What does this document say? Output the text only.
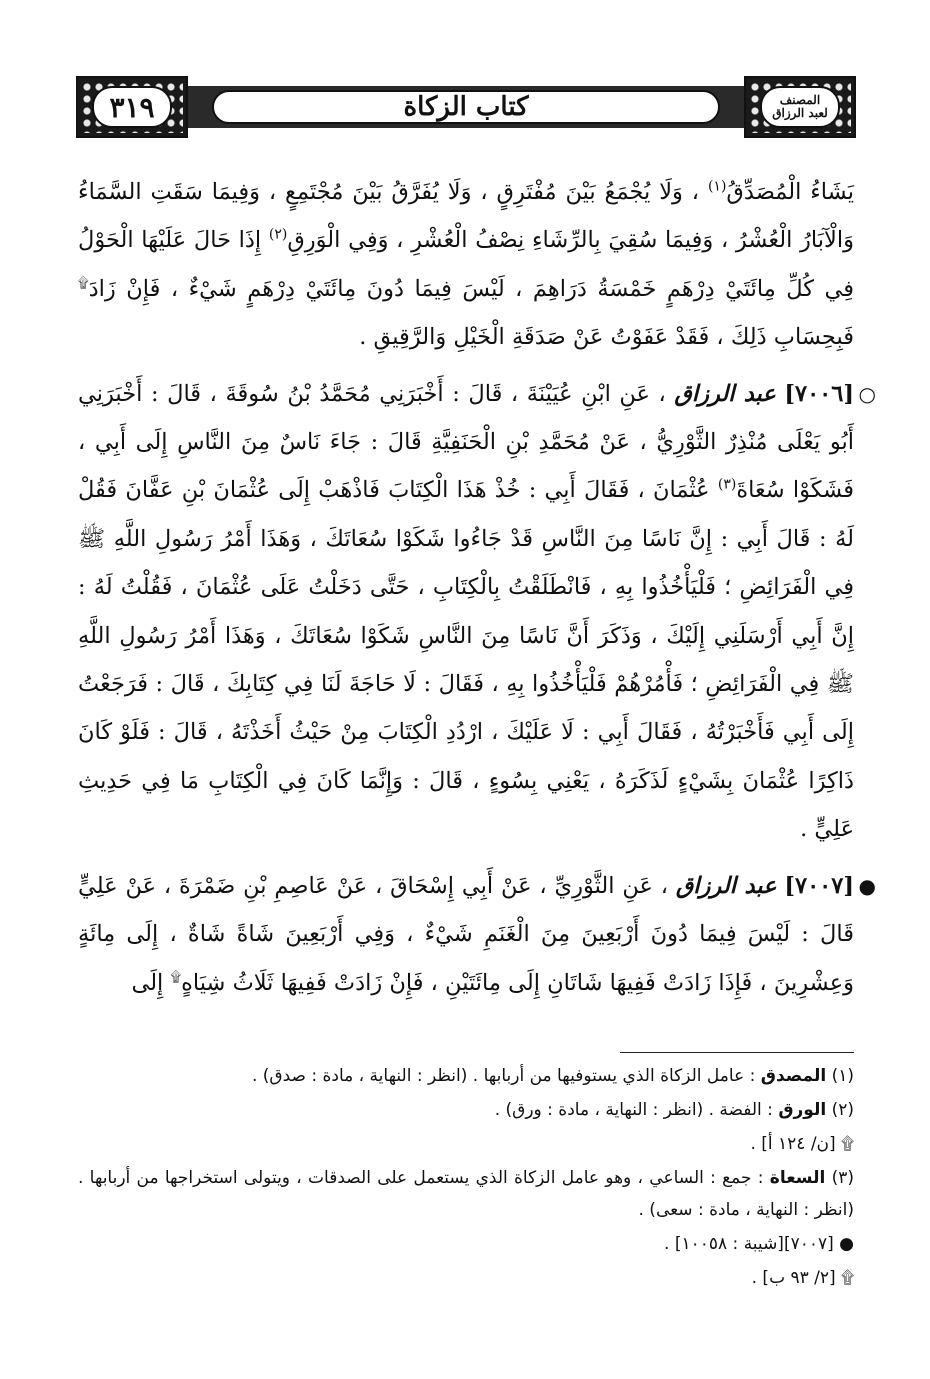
٣١٩	كتاب الزكاة	المصنف
لعبد الرزاق

يَشَاءُ الْمُصَدِّقُ$^{(١)}$ ، وَلَا يُجْمَعُ بَيْنَ مُفْتَرِقٍ ، وَلَا يُفَرَّقُ بَيْنَ مُجْتَمِعٍ ، وَفِيمَا سَقَتِ السَّمَاءُ وَالْآبَارُ الْعُشْرُ ، وَفِيمَا سُقِيَ بِالرِّشَاءِ نِصْفُ الْعُشْرِ ، وَفِي الْوَرِقِ$^{(٢)}$ إِذَا حَالَ عَلَيْهَا الْحَوْلُ فِي كُلِّ مِائَتَيْ دِرْهَمٍ خَمْسَةُ دَرَاهِمَ ، لَيْسَ فِيمَا دُونَ مِائَتَيْ دِرْهَمٍ شَيْءٌ ، فَإِنْ زَادَ۩ فَبِحِسَابِ ذَلِكَ ، فَقَدْ عَفَوْتُ عَنْ صَدَقَةِ الْخَيْلِ وَالرَّقِيقِ .

○
[٧٠٠٦] عبد الرزاق ، عَنِ ابْنِ عُيَيْنَةَ ، قَالَ : أَخْبَرَنِي مُحَمَّدُ بْنُ سُوقَةَ ، قَالَ : أَخْبَرَنِي أَبُو يَعْلَى مُنْذِرٌ الثَّوْرِيُّ ، عَنْ مُحَمَّدِ بْنِ الْحَنَفِيَّةِ قَالَ : جَاءَ نَاسٌ مِنَ النَّاسِ إِلَى أَبِي ، فَشَكَوْا سُعَاةَ$^{(٣)}$ عُثْمَانَ ، فَقَالَ أَبِي : خُذْ هَذَا الْكِتَابَ فَاذْهَبْ إِلَى عُثْمَانَ بْنِ عَفَّانَ فَقُلْ لَهُ : قَالَ أَبِي : إِنَّ نَاسًا مِنَ النَّاسِ قَدْ جَاءُوا شَكَوْا سُعَاتَكَ ، وَهَذَا أَمْرُ رَسُولِ اللَّهِ ﷺ فِي الْفَرَائِضِ ؛ فَلْيَأْخُذُوا بِهِ ، فَانْطَلَقْتُ بِالْكِتَابِ ، حَتَّى دَخَلْتُ عَلَى عُثْمَانَ ، فَقُلْتُ لَهُ : إِنَّ أَبِي أَرْسَلَنِي إِلَيْكَ ، وَذَكَرَ أَنَّ نَاسًا مِنَ النَّاسِ شَكَوْا سُعَاتَكَ ، وَهَذَا أَمْرُ رَسُولِ اللَّهِ ﷺ فِي الْفَرَائِضِ ؛ فَأْمُرْهُمْ فَلْيَأْخُذُوا بِهِ ، فَقَالَ : لَا حَاجَةَ لَنَا فِي كِتَابِكَ ، قَالَ : فَرَجَعْتُ إِلَى أَبِي فَأَخْبَرْتُهُ ، فَقَالَ أَبِي : لَا عَلَيْكَ ، ارْدُدِ الْكِتَابَ مِنْ حَيْثُ أَخَذْتَهُ ، قَالَ : فَلَوْ كَانَ ذَاكِرًا عُثْمَانَ بِشَيْءٍ لَذَكَرَهُ ، يَعْنِي بِسُوءٍ ، قَالَ : وَإِنَّمَا كَانَ فِي الْكِتَابِ مَا فِي حَدِيثِ عَلِيٍّ .

●
[٧٠٠٧] عبد الرزاق ، عَنِ الثَّوْرِيِّ ، عَنْ أَبِي إِسْحَاقَ ، عَنْ عَاصِمِ بْنِ ضَمْرَةَ ، عَنْ عَلِيٍّ قَالَ : لَيْسَ فِيمَا دُونَ أَرْبَعِينَ مِنَ الْغَنَمِ شَيْءٌ ، وَفِي أَرْبَعِينَ شَاةً شَاةٌ ، إِلَى مِائَةٍ وَعِشْرِينَ ، فَإِذَا زَادَتْ فَفِيهَا شَاتَانِ إِلَى مِائَتَيْنِ ، فَإِنْ زَادَتْ فَفِيهَا ثَلَاثُ شِيَاهٍ۩ إِلَى

(١) المصدق : عامل الزكاة الذي يستوفيها من أربابها . (انظر : النهاية ، مادة : صدق) .

(٢) الورق : الفضة . (انظر : النهاية ، مادة : ورق) .

۩ [ن/ ١٢٤ أ] .

(٣) السعاة : جمع : الساعي ، وهو عامل الزكاة الذي يستعمل على الصدقات ، ويتولى استخراجها من أربابها . (انظر : النهاية ، مادة : سعى) .

● [٧٠٠٧][شيبة : ١٠٠٥٨] .

۩ [٢/ ٩٣ ب] .
